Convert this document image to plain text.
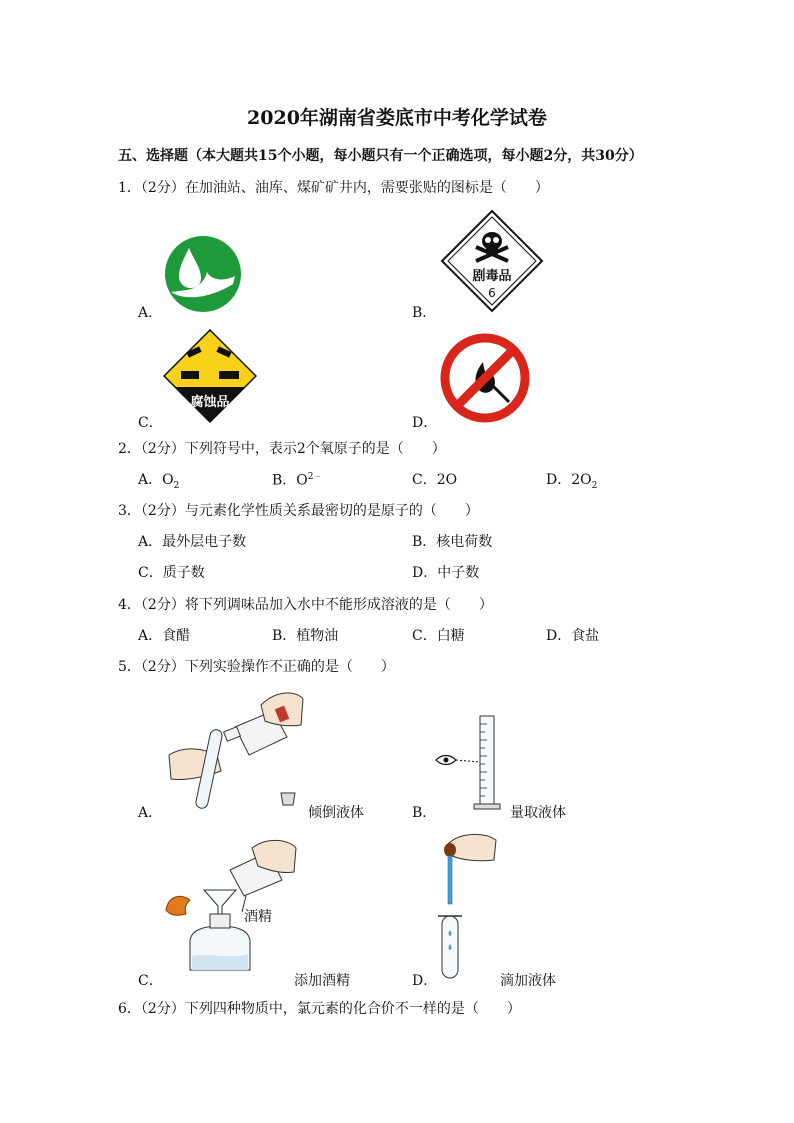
2020年湖南省娄底市中考化学试卷
五、选择题（本大题共15个小题，每小题只有一个正确选项，每小题2分，共30分）
1．（2分）在加油站、油库、煤矿矿井内，需要张贴的图标是（　　）
A．
剧毒品
6
B．
腐蚀品
C．	D．
2．（2分）下列符号中，表示2个氧原子的是（　　）
A．$O_2$	B．$O^{2﹣}$	C．2O	D．$2O_2$
3．（2分）与元素化学性质关系最密切的是原子的（　　）
A．最外层电子数	B．核电荷数
C．质子数	D．中子数
4．（2分）将下列调味品加入水中不能形成溶液的是（　　）
A．食醋	B．植物油	C．白糖	D．食盐
5．（2分）下列实验操作不正确的是（　　）
A．	倾倒液体	B．	量取液体
酒精
C．	添加酒精	D．	滴加液体
6．（2分）下列四种物质中，氯元素的化合价不一样的是（　　）
